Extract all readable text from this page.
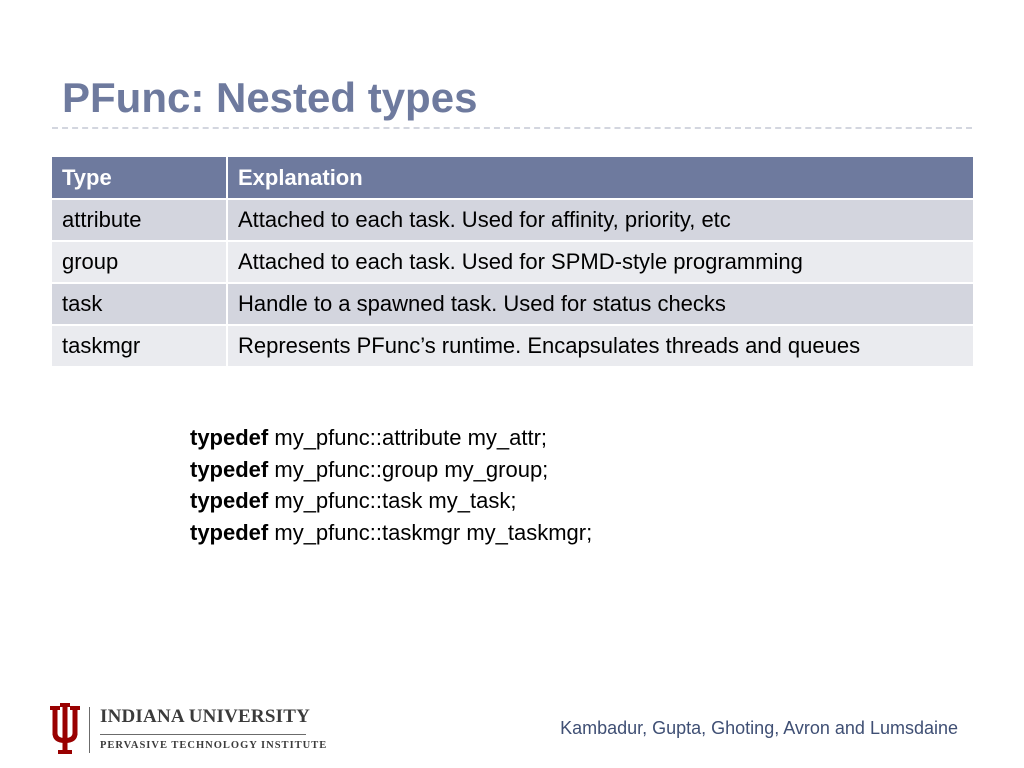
PFunc: Nested types
Type	Explanation
attribute	Attached to each task. Used for affinity, priority, etc
group	Attached to each task. Used for SPMD-style programming
task	Handle to a spawned task. Used for status checks
taskmgr	Represents PFunc’s runtime. Encapsulates threads and queues
typedef my_pfunc::attribute my_attr;
typedef my_pfunc::group my_group;
typedef my_pfunc::task my_task;
typedef my_pfunc::taskmgr my_taskmgr;
INDIANA UNIVERSITY
PERVASIVE TECHNOLOGY INSTITUTE
Kambadur, Gupta, Ghoting, Avron and Lumsdaine
